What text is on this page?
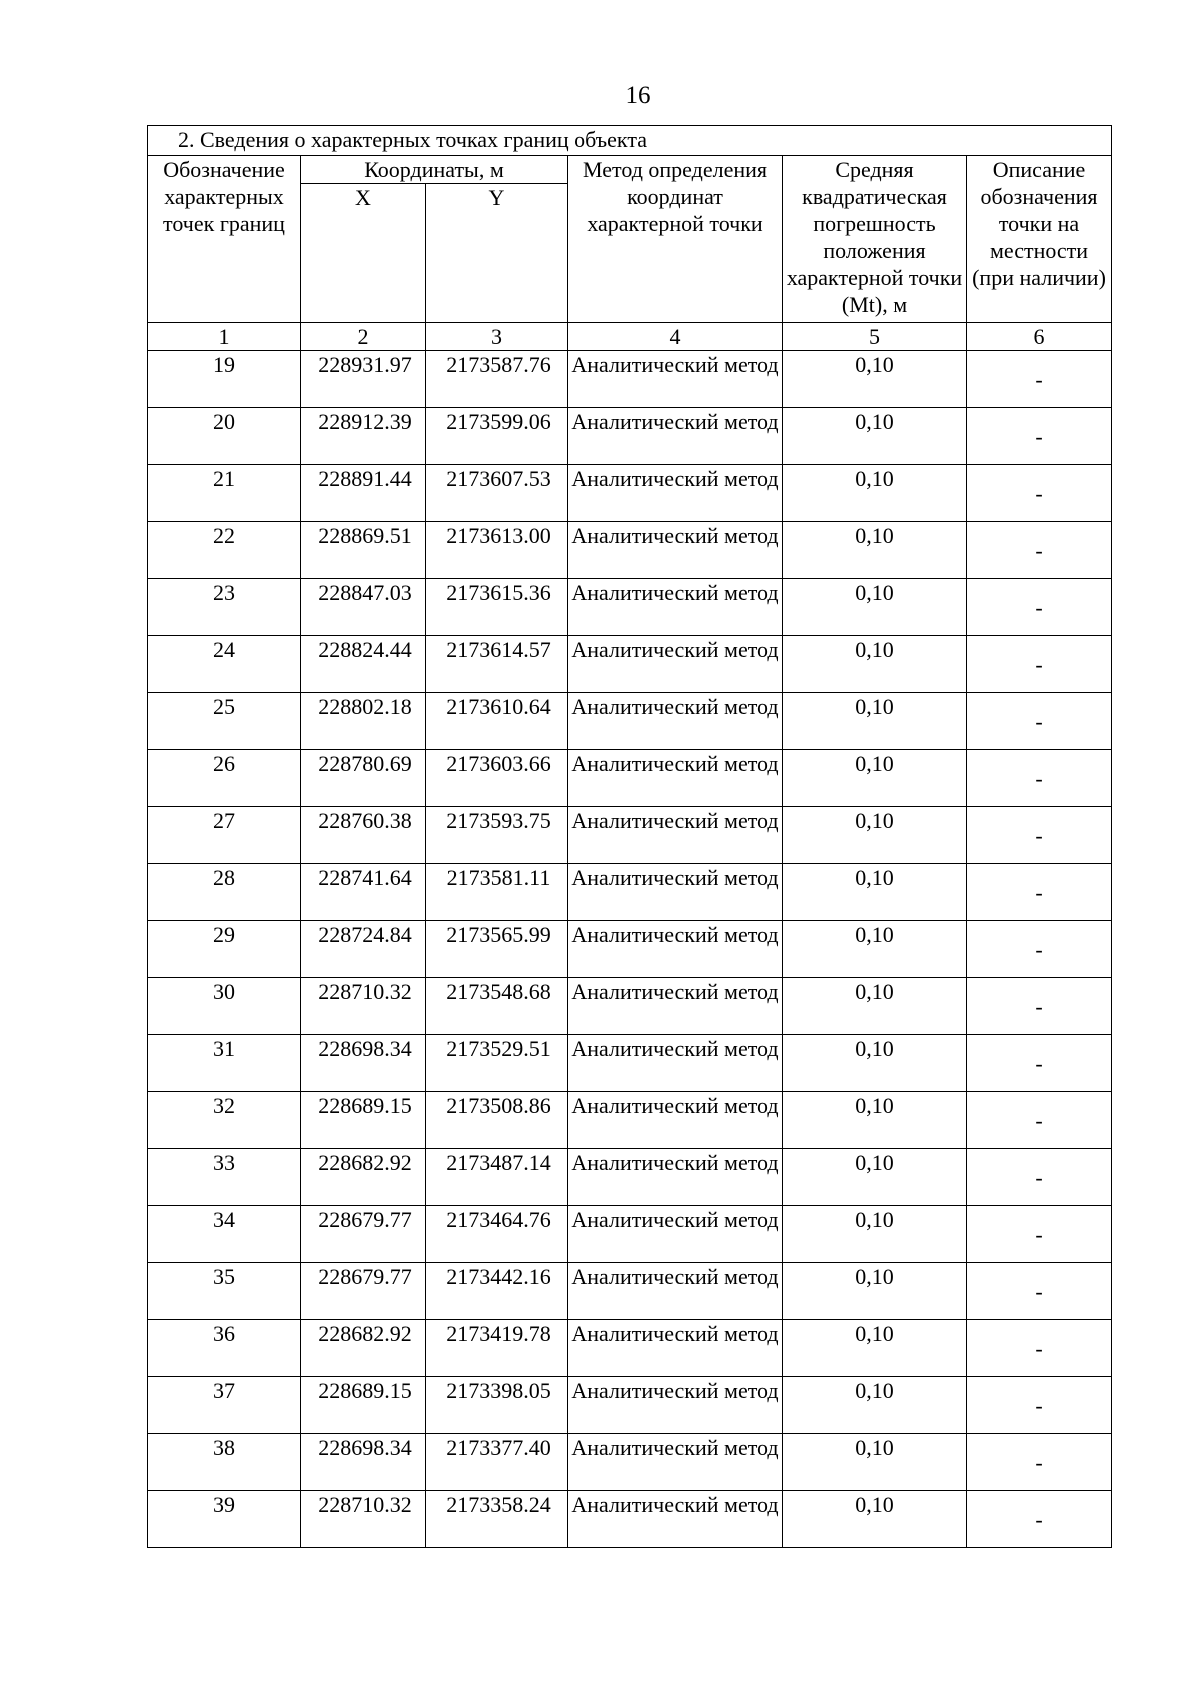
16
2. Сведения о характерных точках границ объекта					
Обозначение характерных точек границ	Координаты, м		Метод определения координат характерной точки	Средняя квадратическая погрешность положения характерной точки (Mt), м	Описание обозначения точки на местности (при наличии)
	X	Y			
1	2	3	4	5	6
19	228931.97	2173587.76	Аналитический метод	0,10	-
20	228912.39	2173599.06	Аналитический метод	0,10	-
21	228891.44	2173607.53	Аналитический метод	0,10	-
22	228869.51	2173613.00	Аналитический метод	0,10	-
23	228847.03	2173615.36	Аналитический метод	0,10	-
24	228824.44	2173614.57	Аналитический метод	0,10	-
25	228802.18	2173610.64	Аналитический метод	0,10	-
26	228780.69	2173603.66	Аналитический метод	0,10	-
27	228760.38	2173593.75	Аналитический метод	0,10	-
28	228741.64	2173581.11	Аналитический метод	0,10	-
29	228724.84	2173565.99	Аналитический метод	0,10	-
30	228710.32	2173548.68	Аналитический метод	0,10	-
31	228698.34	2173529.51	Аналитический метод	0,10	-
32	228689.15	2173508.86	Аналитический метод	0,10	-
33	228682.92	2173487.14	Аналитический метод	0,10	-
34	228679.77	2173464.76	Аналитический метод	0,10	-
35	228679.77	2173442.16	Аналитический метод	0,10	-
36	228682.92	2173419.78	Аналитический метод	0,10	-
37	228689.15	2173398.05	Аналитический метод	0,10	-
38	228698.34	2173377.40	Аналитический метод	0,10	-
39	228710.32	2173358.24	Аналитический метод	0,10	-
